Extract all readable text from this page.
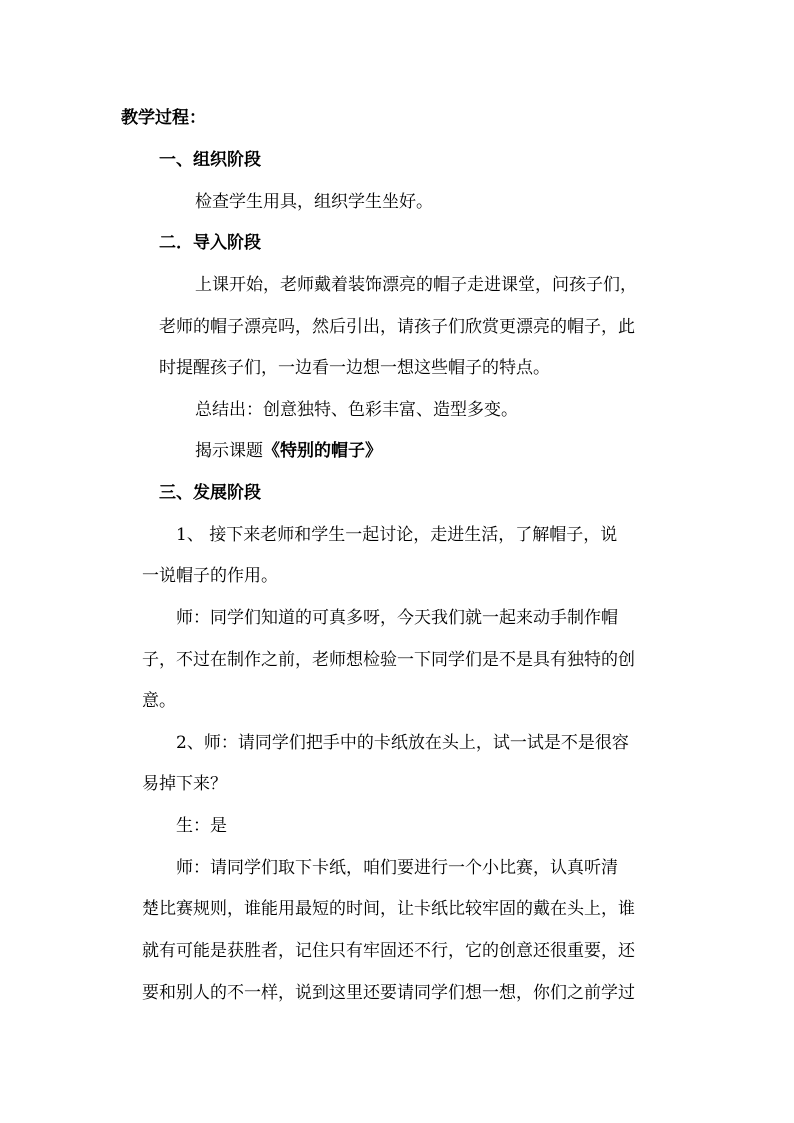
教学过程：
一、组织阶段
检查学生用具，组织学生坐好。
二．导入阶段
上课开始，老师戴着装饰漂亮的帽子走进课堂，问孩子们，
老师的帽子漂亮吗，然后引出，请孩子们欣赏更漂亮的帽子，此
时提醒孩子们，一边看一边想一想这些帽子的特点。
总结出：创意独特、色彩丰富、造型多变。
揭示课题《特别的帽子》
三、发展阶段
1、 接下来老师和学生一起讨论，走进生活，了解帽子，说
一说帽子的作用。
师：同学们知道的可真多呀，今天我们就一起来动手制作帽
子，不过在制作之前，老师想检验一下同学们是不是具有独特的创
意。
2、师：请同学们把手中的卡纸放在头上，试一试是不是很容
易掉下来？
生：是
师：请同学们取下卡纸，咱们要进行一个小比赛，认真听清
楚比赛规则，谁能用最短的时间，让卡纸比较牢固的戴在头上，谁
就有可能是获胜者，记住只有牢固还不行，它的创意还很重要，还
要和别人的不一样，说到这里还要请同学们想一想，你们之前学过
